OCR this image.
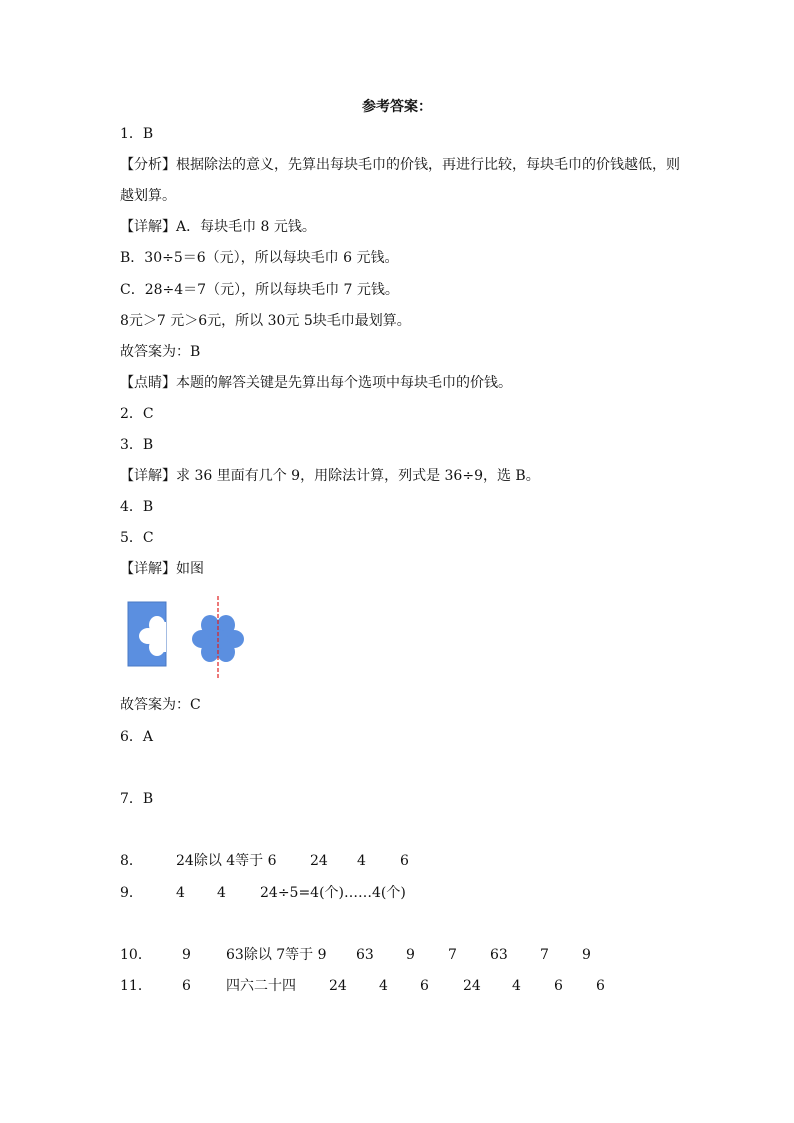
参考答案：
1．B
【分析】根据除法的意义，先算出每块毛巾的价钱，再进行比较，每块毛巾的价钱越低，则
越划算。
【详解】A．每块毛巾 8 元钱。
B．30÷5＝6（元），所以每块毛巾 6 元钱。
C．28÷4＝7（元），所以每块毛巾 7 元钱。
8元＞7 元＞6元，所以 30元 5块毛巾最划算。
故答案为：B
【点睛】本题的解答关键是先算出每个选项中每块毛巾的价钱。
2．C
3．B
【详解】求 36 里面有几个 9，用除法计算，列式是 36÷9，选 B。
4．B
5．C
【详解】如图
故答案为：C
6．A
7．B
8． 24除以 4等于 6 24 4 6
9． 4 4 24÷5=4(个)……4(个)
10． 9	63除以 7等于 9 63 9 7 63 7 9
11． 6	四六二十四 24 4 6 24 4 6 6
